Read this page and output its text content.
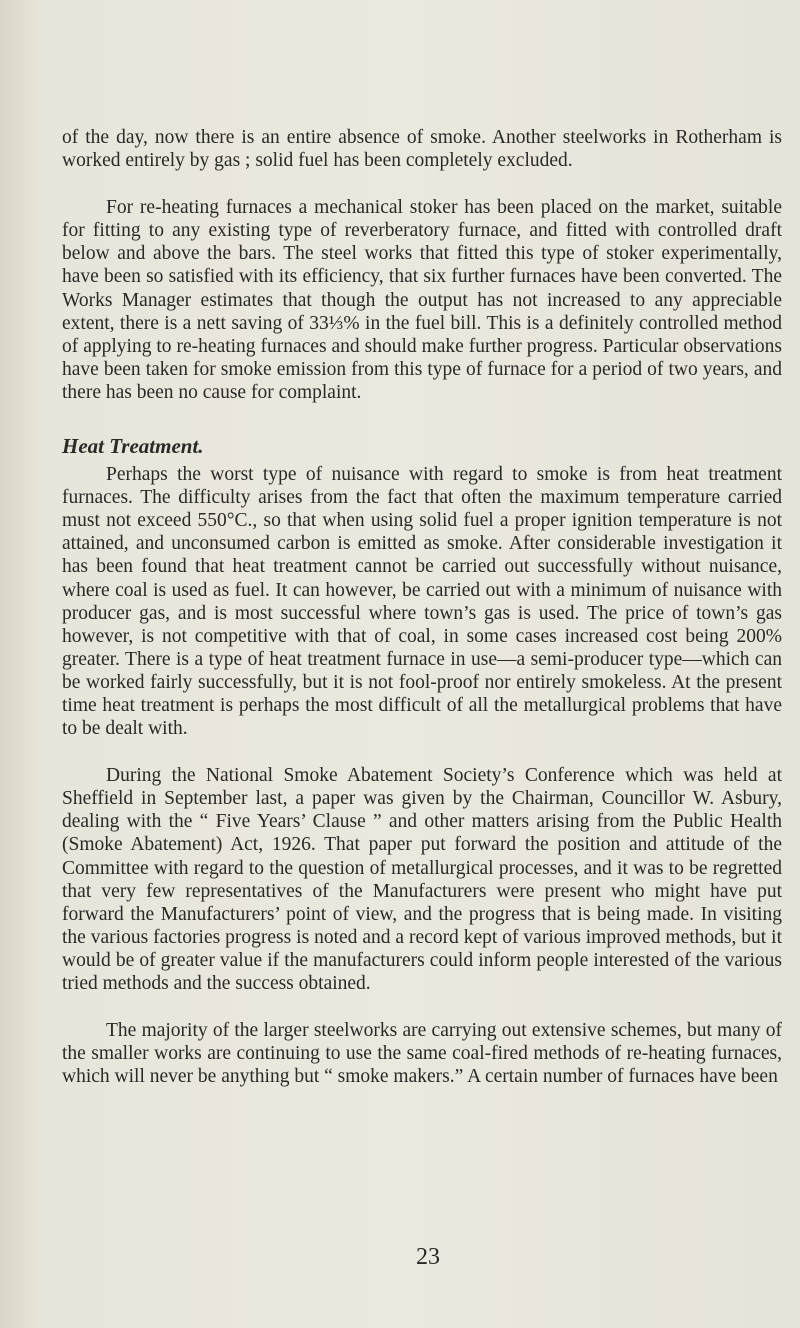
of the day, now there is an entire absence of smoke. Another steelworks in Rotherham is worked entirely by gas ; solid fuel has been completely excluded.

For re-heating furnaces a mechanical stoker has been placed on the market, suitable for fitting to any existing type of reverberatory furnace, and fitted with controlled draft below and above the bars. The steel works that fitted this type of stoker experimentally, have been so satisfied with its efficiency, that six further furnaces have been converted. The Works Manager estimates that though the output has not increased to any appreciable extent, there is a nett saving of 33⅓% in the fuel bill. This is a definitely controlled method of applying to re-heating furnaces and should make further progress. Particular observations have been taken for smoke emission from this type of furnace for a period of two years, and there has been no cause for complaint.

Heat Treatment.

Perhaps the worst type of nuisance with regard to smoke is from heat treatment furnaces. The difficulty arises from the fact that often the maximum temperature carried must not exceed 550°C., so that when using solid fuel a proper ignition temperature is not attained, and unconsumed carbon is emitted as smoke. After considerable investigation it has been found that heat treatment cannot be carried out successfully without nuisance, where coal is used as fuel. It can however, be carried out with a minimum of nuisance with producer gas, and is most successful where town’s gas is used. The price of town’s gas however, is not competitive with that of coal, in some cases increased cost being 200% greater. There is a type of heat treatment furnace in use—a semi-producer type—which can be worked fairly successfully, but it is not fool-proof nor entirely smokeless. At the present time heat treatment is perhaps the most difficult of all the metallurgical problems that have to be dealt with.

During the National Smoke Abatement Society’s Conference which was held at Sheffield in September last, a paper was given by the Chairman, Councillor W. Asbury, dealing with the “ Five Years’ Clause ” and other matters arising from the Public Health (Smoke Abatement) Act, 1926. That paper put forward the position and attitude of the Committee with regard to the question of metallurgical processes, and it was to be regretted that very few representatives of the Manufacturers were present who might have put forward the Manufacturers’ point of view, and the progress that is being made. In visiting the various factories progress is noted and a record kept of various improved methods, but it would be of greater value if the manufacturers could inform people interested of the various tried methods and the success obtained.

The majority of the larger steelworks are carrying out extensive schemes, but many of the smaller works are continuing to use the same coal-fired methods of re-heating furnaces, which will never be anything but “ smoke makers.” A certain number of furnaces have been

23
